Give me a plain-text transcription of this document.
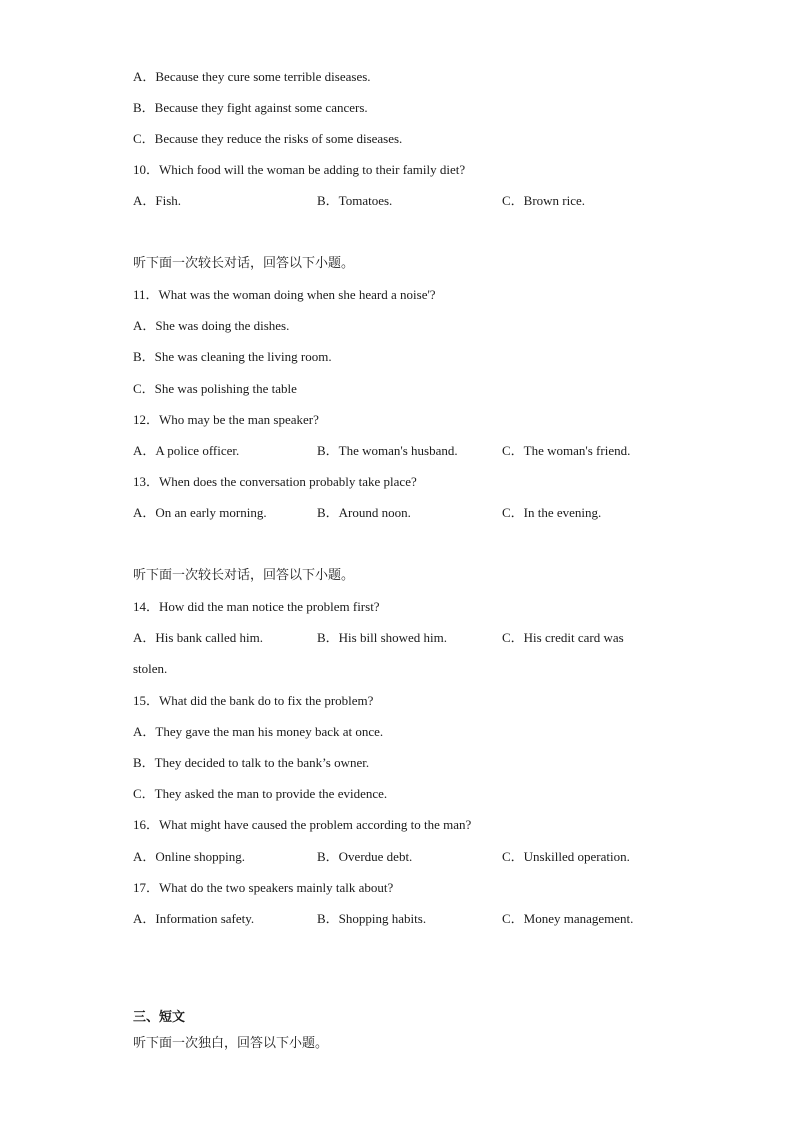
A．Because they cure some terrible diseases.
B．Because they fight against some cancers.
C．Because they reduce the risks of some diseases.
10．Which food will the woman be adding to their family diet?
A．Fish.	B．Tomatoes.	C．Brown rice.
听下面一次较长对话，回答以下小题。
11．What was the woman doing when she heard a noise'?
A．She was doing the dishes.
B．She was cleaning the living room.
C．She was polishing the table
12．Who may be the man speaker?
A．A police officer.	B．The woman's husband.	C．The woman's friend.
13．When does the conversation probably take place?
A．On an early morning.	B．Around noon.	C．In the evening.
听下面一次较长对话，回答以下小题。
14．How did the man notice the problem first?
A．His bank called him.	B．His bill showed him.	C．His credit card was
stolen.
15．What did the bank do to fix the problem?
A．They gave the man his money back at once.
B．They decided to talk to the bank’s owner.
C．They asked the man to provide the evidence.
16．What might have caused the problem according to the man?
A．Online shopping.	B．Overdue debt.	C．Unskilled operation.
17．What do the two speakers mainly talk about?
A．Information safety.	B．Shopping habits.	C．Money management.
三、短文
听下面一次独白，回答以下小题。
